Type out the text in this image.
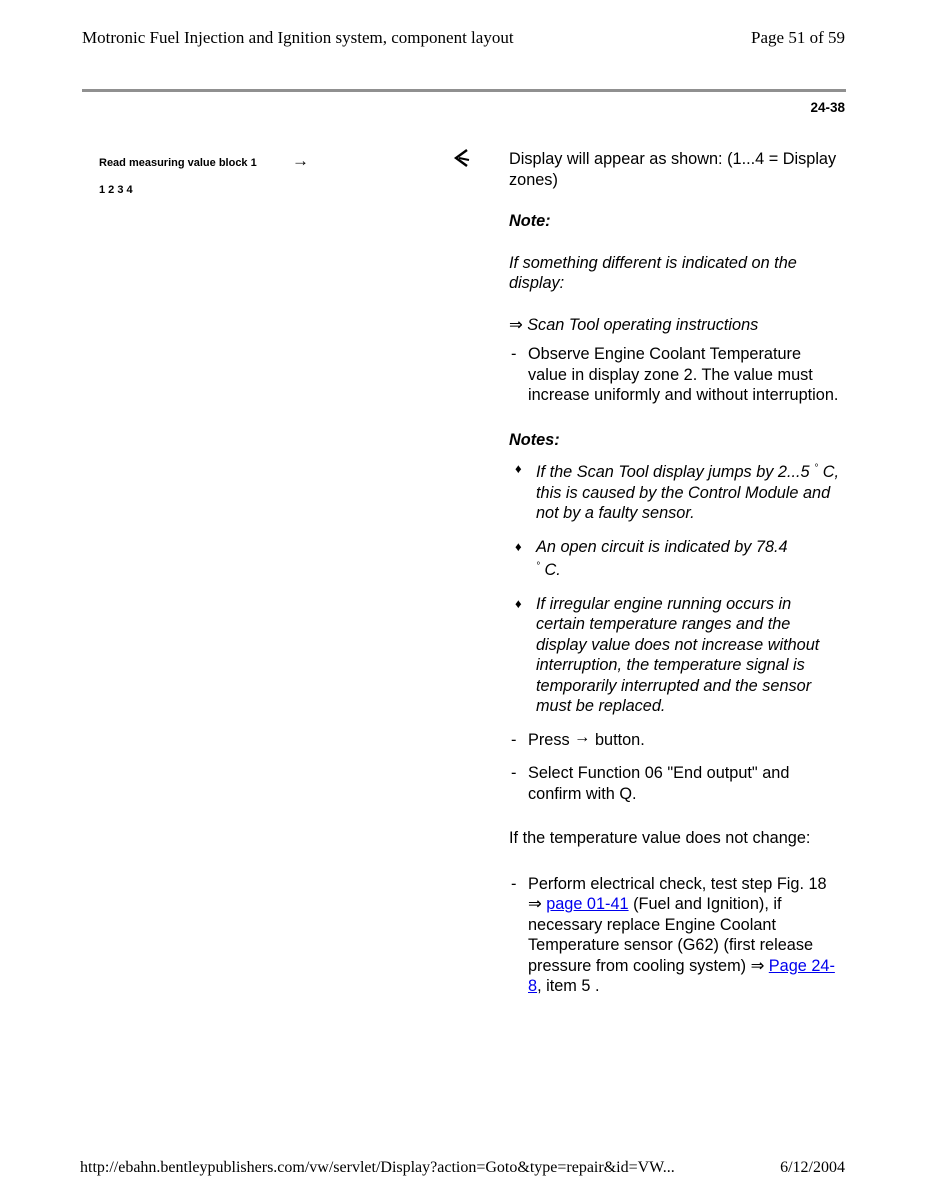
Motronic Fuel Injection and Ignition system, component layout	Page 51 of 59
24-38
Read measuring value block 1 →
1 2 3 4

Display will appear as shown: (1...4 = Display zones)

Note:

If something different is indicated on the display:

⇒ Scan Tool operating instructions

- Observe Engine Coolant Temperature value in display zone 2. The value must increase uniformly and without interruption.

Notes:

♦ If the Scan Tool display jumps by 2...5 ° C, this is caused by the Control Module and not by a faulty sensor.
♦ An open circuit is indicated by 78.4
° C.
♦ If irregular engine running occurs in certain temperature ranges and the display value does not increase without interruption, the temperature signal is temporarily interrupted and the sensor must be replaced.
- Press → button.
- Select Function 06 "End output" and confirm with Q.

If the temperature value does not change:

- Perform electrical check, test step Fig. 18 ⇒ page 01-41 (Fuel and Ignition), if necessary replace Engine Coolant Temperature sensor (G62) (first release pressure from cooling system) ⇒ Page 24-8, item 5 .
http://ebahn.bentleypublishers.com/vw/servlet/Display?action=Goto&type=repair&id=VW...	6/12/2004
